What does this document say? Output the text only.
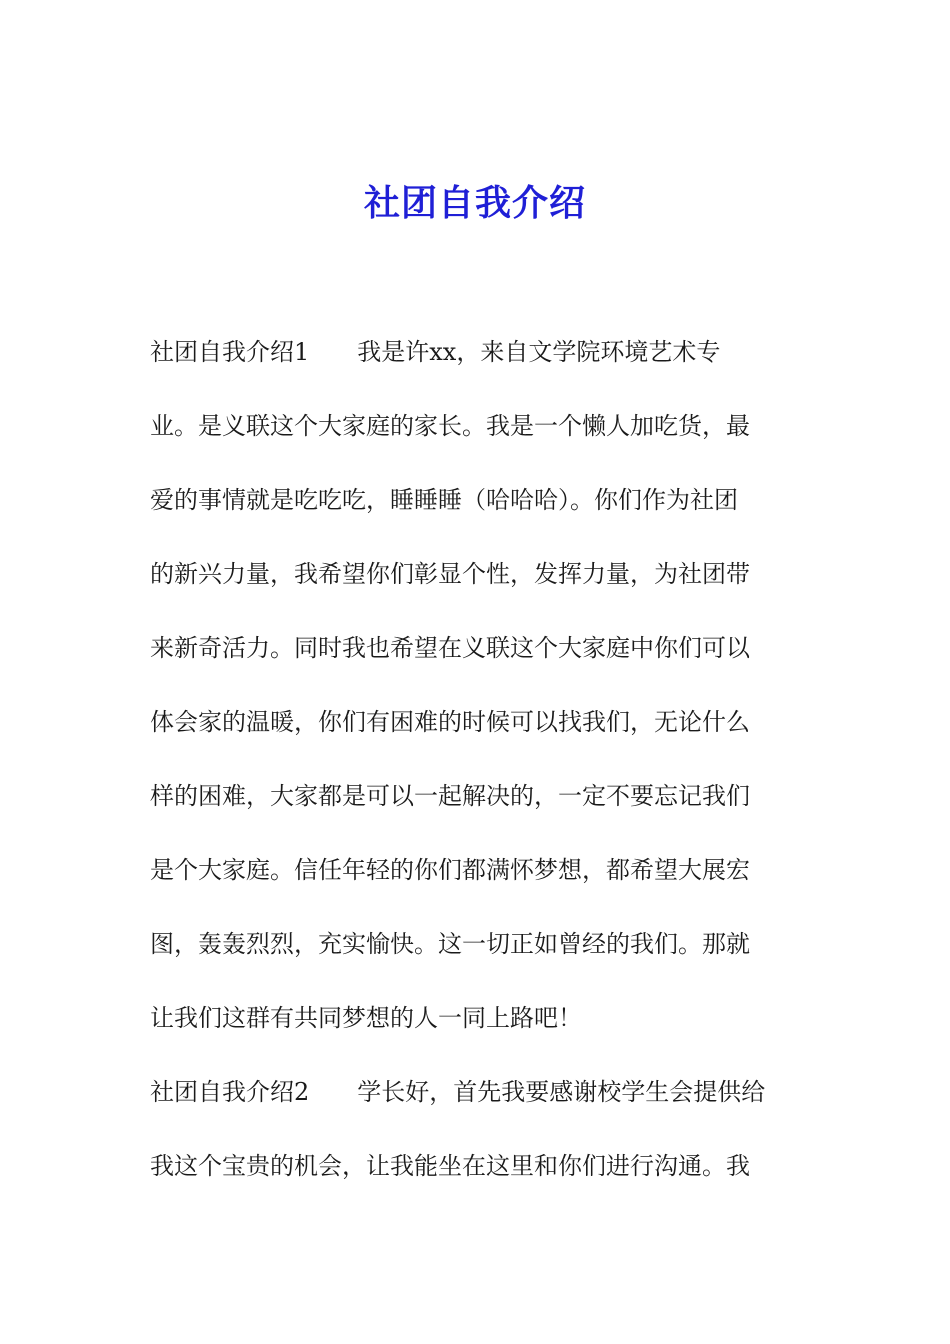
社团自我介绍
社团自我介绍1　　我是许xx，来自文学院环境艺术专
业。是义联这个大家庭的家长。我是一个懒人加吃货，最
爱的事情就是吃吃吃，睡睡睡（哈哈哈）。你们作为社团
的新兴力量，我希望你们彰显个性，发挥力量，为社团带
来新奇活力。同时我也希望在义联这个大家庭中你们可以
体会家的温暖，你们有困难的时候可以找我们，无论什么
样的困难，大家都是可以一起解决的，一定不要忘记我们
是个大家庭。信任年轻的你们都满怀梦想，都希望大展宏
图，轰轰烈烈，充实愉快。这一切正如曾经的我们。那就
让我们这群有共同梦想的人一同上路吧！
社团自我介绍2　　学长好，首先我要感谢校学生会提供给
我这个宝贵的机会，让我能坐在这里和你们进行沟通。我
